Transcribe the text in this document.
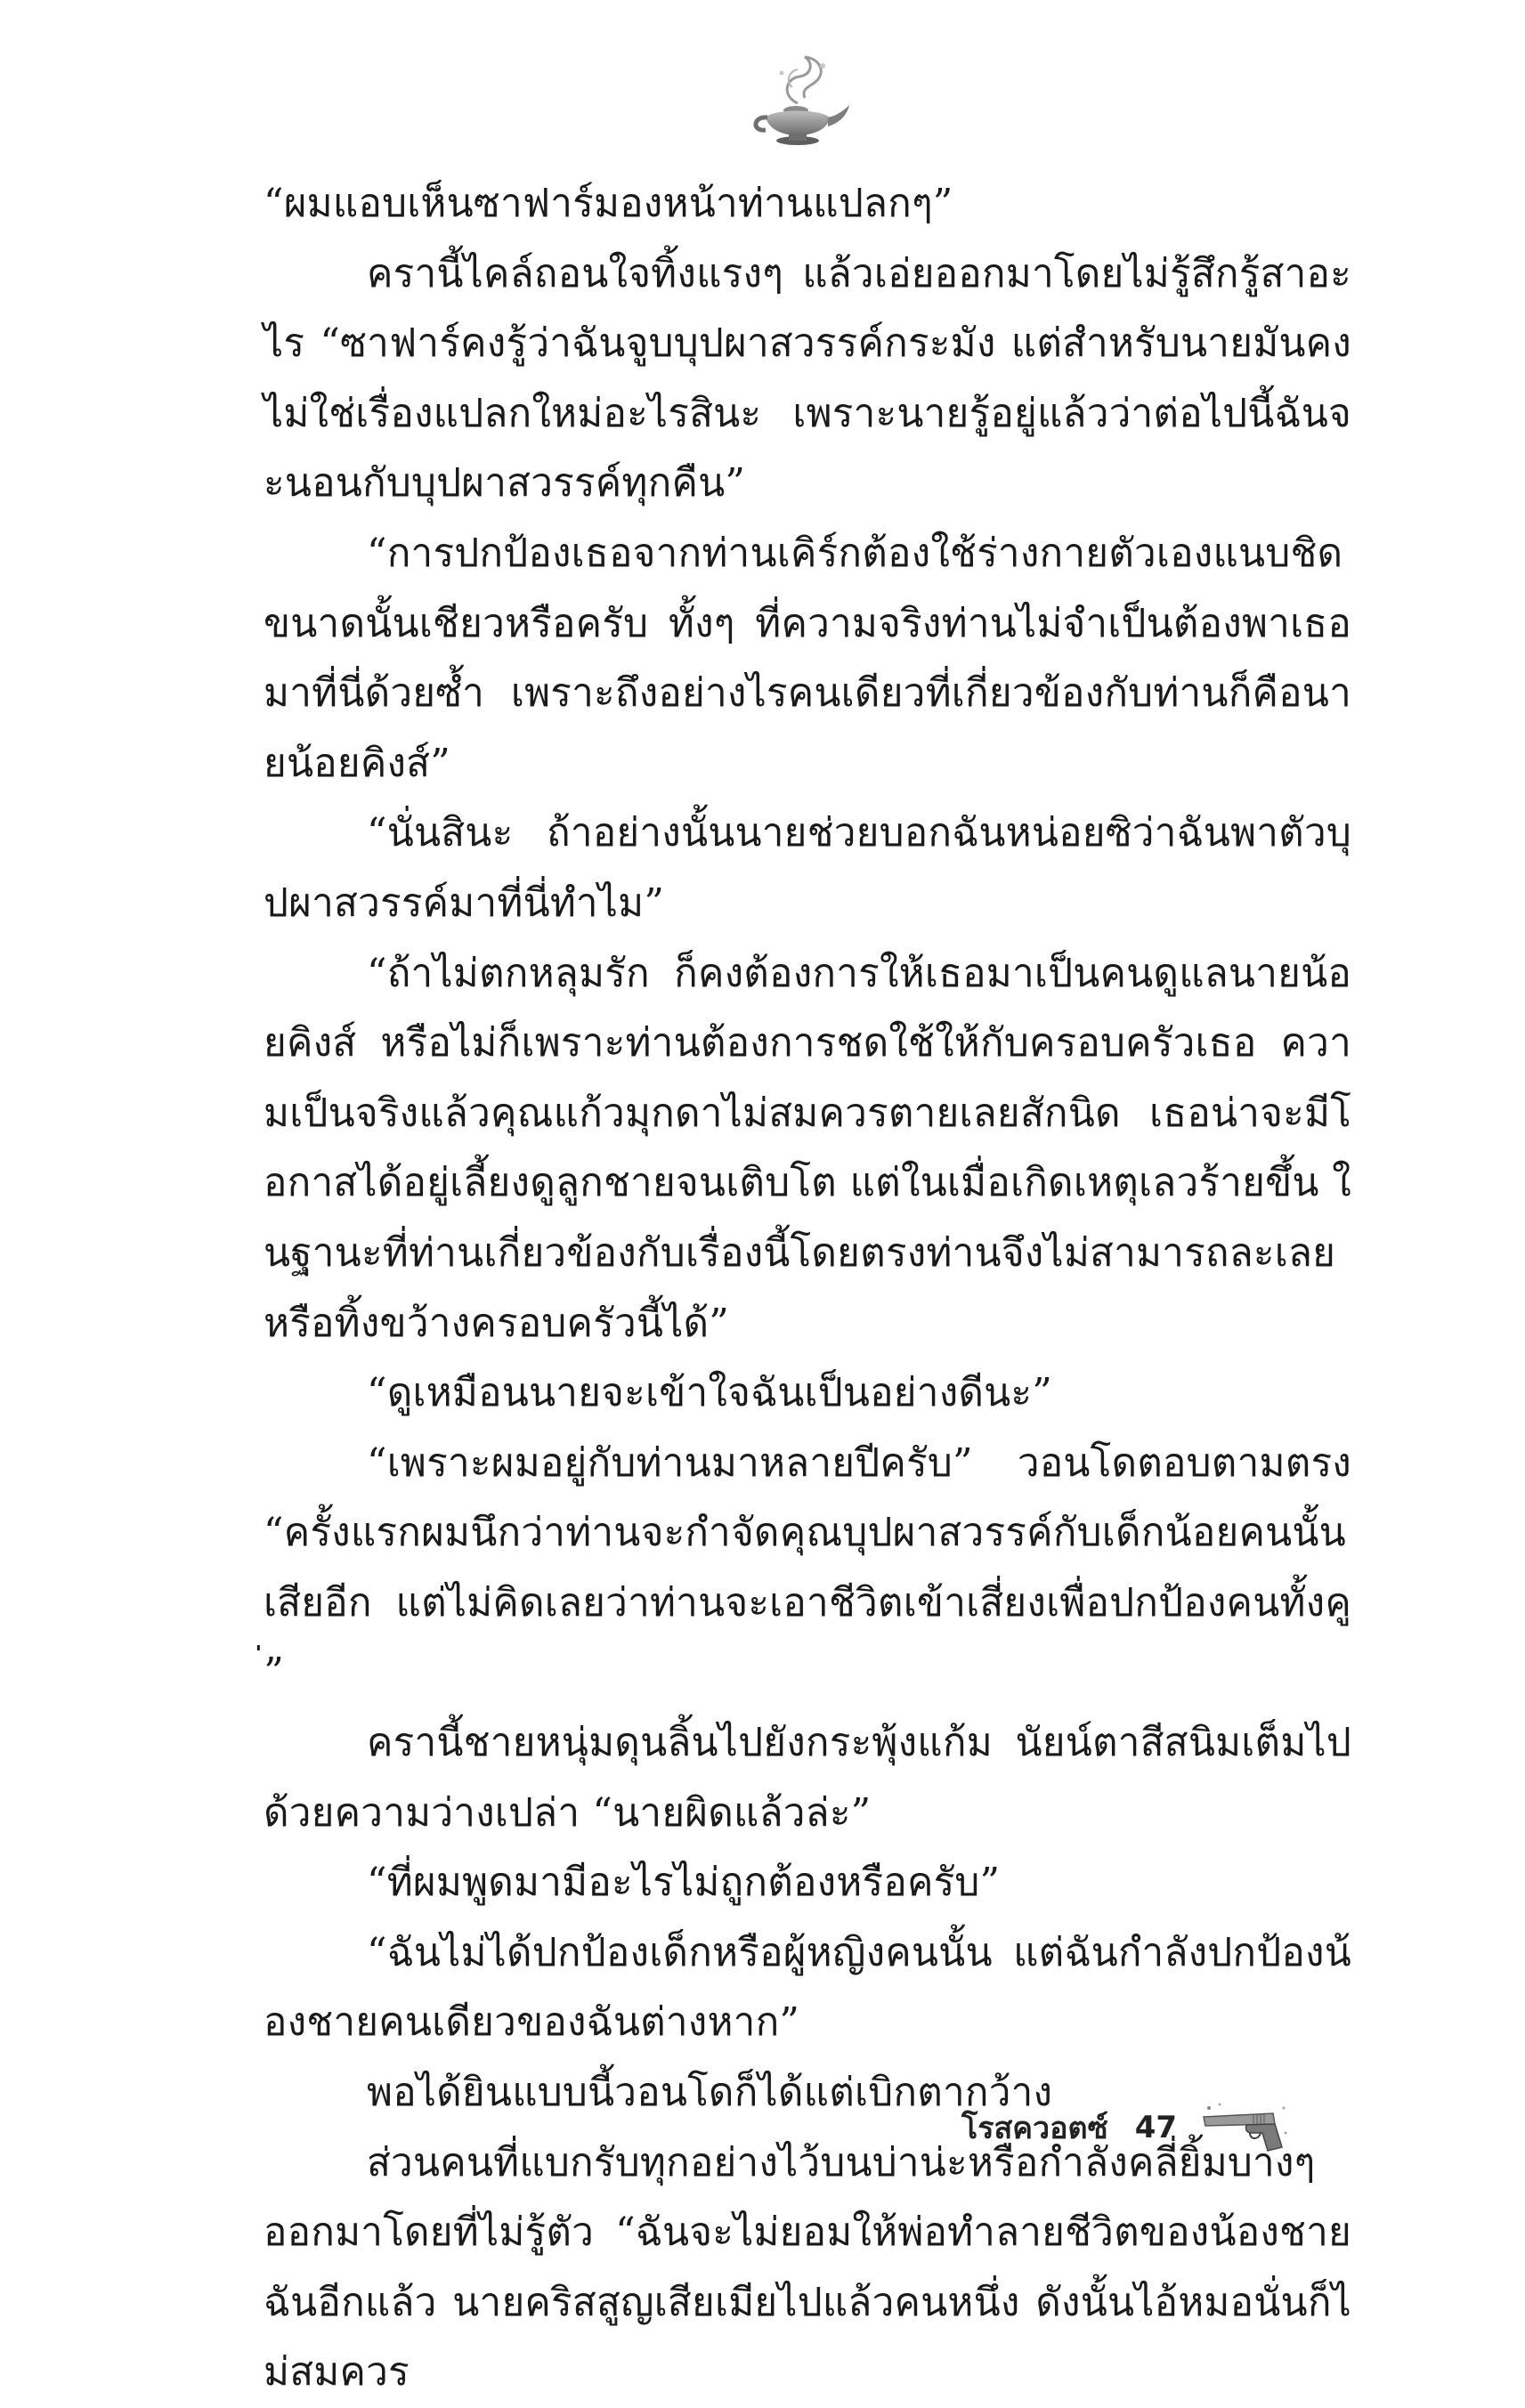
“ผมแอบเห็นซาฟาร์มองหน้าท่านแปลกๆ”

ครานี้ไคล์ถอนใจทิ้งแรงๆ แล้วเอ่ยออกมาโดยไม่รู้สึกรู้สาอะไร “ซาฟาร์คงรู้ว่าฉันจูบบุปผาสวรรค์กระมัง แต่สำหรับนายมันคงไม่ใช่เรื่องแปลกใหม่อะไรสินะ เพราะนายรู้อยู่แล้วว่าต่อไปนี้ฉันจะนอนกับบุปผาสวรรค์ทุกคืน”

“การปกป้องเธอจากท่านเคิร์กต้องใช้ร่างกายตัวเองแนบชิดขนาดนั้นเชียวหรือครับ ทั้งๆ ที่ความจริงท่านไม่จำเป็นต้องพาเธอมาที่นี่ด้วยซ้ำ เพราะถึงอย่างไรคนเดียวที่เกี่ยวข้องกับท่านก็คือนายน้อยคิงส์”

“นั่นสินะ ถ้าอย่างนั้นนายช่วยบอกฉันหน่อยซิว่าฉันพาตัวบุปผาสวรรค์มาที่นี่ทำไม”

“ถ้าไม่ตกหลุมรัก ก็คงต้องการให้เธอมาเป็นคนดูแลนายน้อยคิงส์ หรือไม่ก็เพราะท่านต้องการชดใช้ให้กับครอบครัวเธอ ความเป็นจริงแล้วคุณแก้วมุกดาไม่สมควรตายเลยสักนิด เธอน่าจะมีโอกาสได้อยู่เลี้ยงดูลูกชายจนเติบโต แต่ในเมื่อเกิดเหตุเลวร้ายขึ้น ในฐานะที่ท่านเกี่ยวข้องกับเรื่องนี้โดยตรงท่านจึงไม่สามารถละเลยหรือทิ้งขว้างครอบครัวนี้ได้”

“ดูเหมือนนายจะเข้าใจฉันเป็นอย่างดีนะ”

“เพราะผมอยู่กับท่านมาหลายปีครับ” วอนโดตอบตามตรง “ครั้งแรกผมนึกว่าท่านจะกำจัดคุณบุปผาสวรรค์กับเด็กน้อยคนนั้นเสียอีก แต่ไม่คิดเลยว่าท่านจะเอาชีวิตเข้าเสี่ยงเพื่อปกป้องคนทั้งคู่”

ครานี้ชายหนุ่มดุนลิ้นไปยังกระพุ้งแก้ม นัยน์ตาสีสนิมเต็มไปด้วยความว่างเปล่า “นายผิดแล้วล่ะ”

“ที่ผมพูดมามีอะไรไม่ถูกต้องหรือครับ”

“ฉันไม่ได้ปกป้องเด็กหรือผู้หญิงคนนั้น แต่ฉันกำลังปกป้องน้องชายคนเดียวของฉันต่างหาก”

พอได้ยินแบบนี้วอนโดก็ได้แต่เบิกตากว้าง

ส่วนคนที่แบกรับทุกอย่างไว้บนบ่าน่ะหรือกำลังคลี่ยิ้มบางๆ ออกมาโดยที่ไม่รู้ตัว “ฉันจะไม่ยอมให้พ่อทำลายชีวิตของน้องชายฉันอีกแล้ว นายคริสสูญเสียเมียไปแล้วคนหนึ่ง ดังนั้นไอ้หมอนั่นก็ไม่สมควร

โรสควอตซ์ 47
